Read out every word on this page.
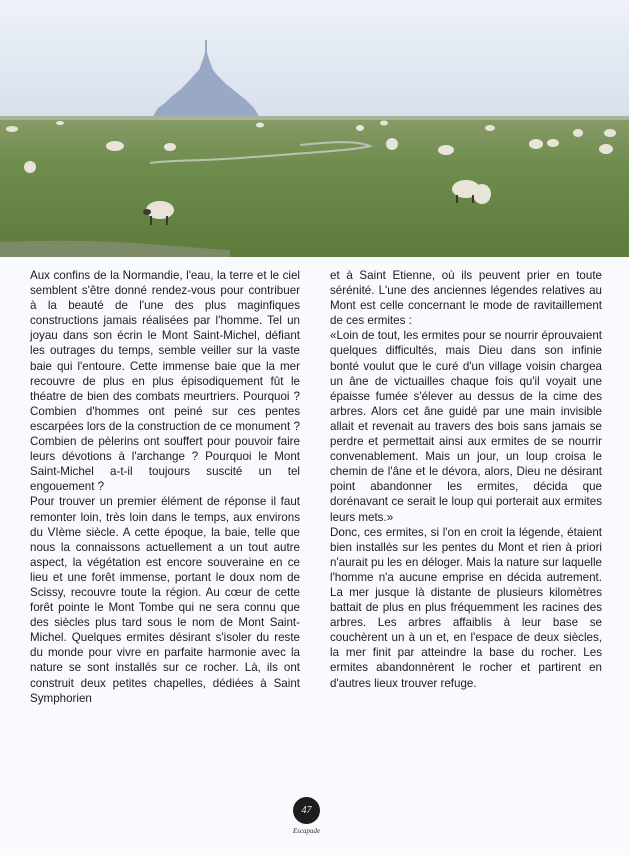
Aux confins de la Normandie, l'eau, la terre et le ciel semblent s'être donné rendez-vous pour contribuer à la beauté de l'une des plus maginfiques constructions jamais réalisées par l'homme. Tel un joyau dans son écrin le Mont Saint-Michel, défiant les outrages du temps, semble veiller sur la vaste baie qui l'entoure. Cette immense baie que la mer recouvre de plus en plus épisodiquement fût le théatre de bien des combats meurtriers. Pourquoi ? Combien d'hommes ont peiné sur ces pentes escarpées lors de la construction de ce monument ? Combien de pèlerins ont souffert pour pouvoir faire leurs dévotions à l'archange ? Pourquoi le Mont Saint-Michel a-t-il toujours suscité un tel engouement ?

Pour trouver un premier élément de réponse il faut remonter loin, très loin dans le temps, aux environs du VIème siècle. A cette époque, la baie, telle que nous la connaissons actuellement a un tout autre aspect, la végétation est encore souveraine en ce lieu et une forêt immense, portant le doux nom de Scissy, recouvre toute la région. Au cœur de cette forêt pointe le Mont Tombe qui ne sera connu que des siècles plus tard sous le nom de Mont Saint-Michel. Quelques ermites désirant s'isoler du reste du monde pour vivre en parfaite harmonie avec la nature se sont installés sur ce rocher. Là, ils ont construit deux petites chapelles, dédiées à Saint Symphorien

et à Saint Etienne, où ils peuvent prier en toute sérénité. L'une des anciennes légendes relatives au Mont est celle concernant le mode de ravitaillement de ces ermites :

«Loin de tout, les ermites pour se nourrir éprouvaient quelques difficultés, mais Dieu dans son infinie bonté voulut que le curé d'un village voisin chargea un âne de victuailles chaque fois qu'il voyait une épaisse fumée s'élever au dessus de la cime des arbres. Alors cet âne guidé par une main invisible allait et revenait au travers des bois sans jamais se perdre et permettait ainsi aux ermites de se nourrir convenablement. Mais un jour, un loup croisa le chemin de l'âne et le dévora, alors, Dieu ne désirant point abandonner les ermites, décida que dorénavant ce serait le loup qui porterait aux ermites leurs mets.»

Donc, ces ermites, si l'on en croit la légende, étaient bien installés sur les pentes du Mont et rien à priori n'aurait pu les en déloger. Mais la nature sur laquelle l'homme n'a aucune emprise en décida autrement. La mer jusque là distante de plusieurs kilomètres battait de plus en plus fréquemment les racines des arbres. Les arbres affaiblis à leur base se couchèrent un à un et, en l'espace de deux siècles, la mer finit par atteindre la base du rocher. Les ermites abandonnèrent le rocher et partirent en d'autres lieux trouver refuge.

47
Escapade
